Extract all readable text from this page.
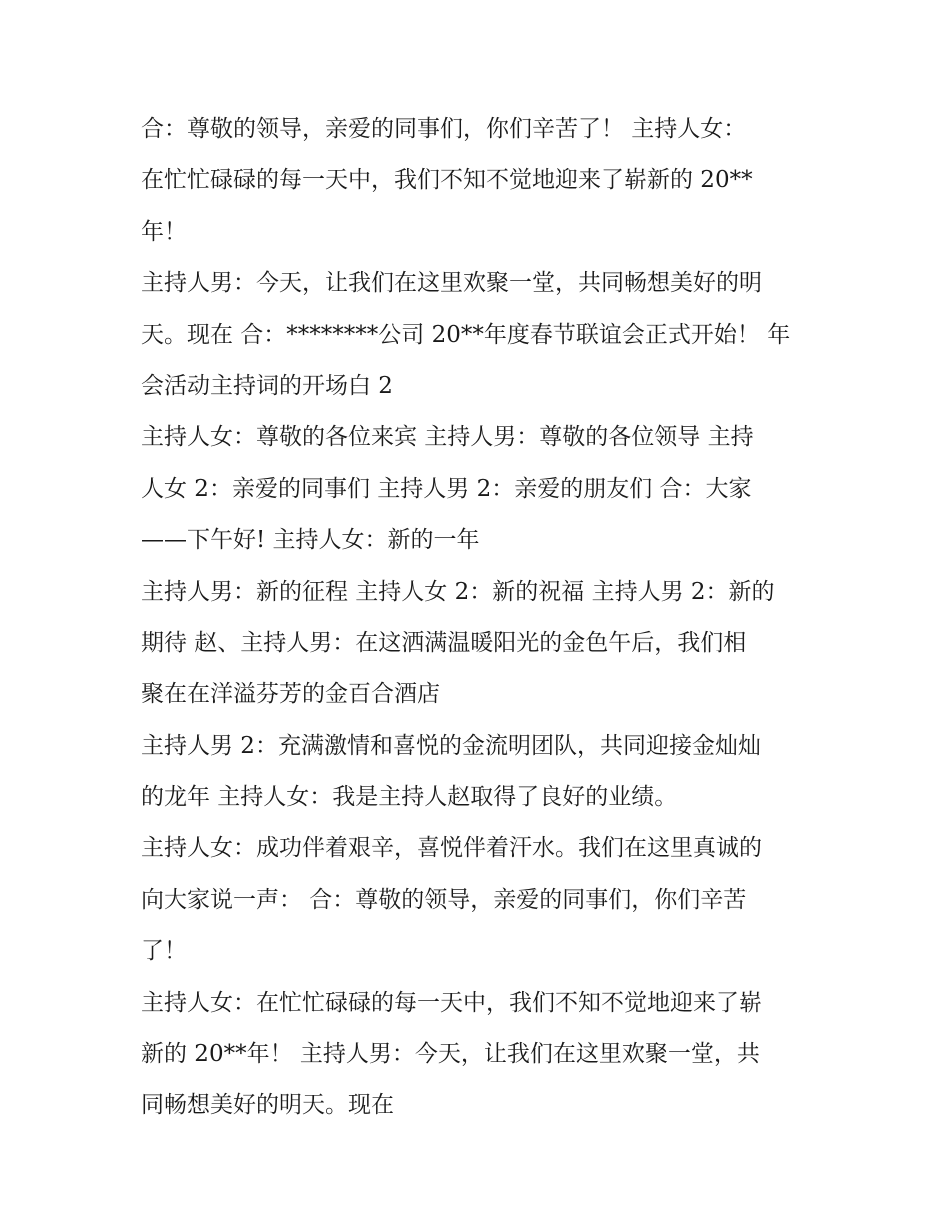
合：尊敬的领导，亲爱的同事们，你们辛苦了！ 主持人女：
在忙忙碌碌的每一天中，我们不知不觉地迎来了崭新的 20**
年！
主持人男：今天，让我们在这里欢聚一堂，共同畅想美好的明
天。现在 合：********公司 20**年度春节联谊会正式开始！ 年
会活动主持词的开场白 2
主持人女：尊敬的各位来宾 主持人男：尊敬的各位领导 主持
人女 2：亲爱的同事们 主持人男 2：亲爱的朋友们 合：大家
——下午好! 主持人女：新的一年
主持人男：新的征程 主持人女 2：新的祝福 主持人男 2：新的
期待 赵、主持人男：在这洒满温暖阳光的金色午后，我们相
聚在在洋溢芬芳的金百合酒店
主持人男 2：充满激情和喜悦的金流明团队，共同迎接金灿灿
的龙年 主持人女：我是主持人赵取得了良好的业绩。
主持人女：成功伴着艰辛，喜悦伴着汗水。我们在这里真诚的
向大家说一声： 合：尊敬的领导，亲爱的同事们，你们辛苦
了！
主持人女：在忙忙碌碌的每一天中，我们不知不觉地迎来了崭
新的 20**年！ 主持人男：今天，让我们在这里欢聚一堂，共
同畅想美好的明天。现在
